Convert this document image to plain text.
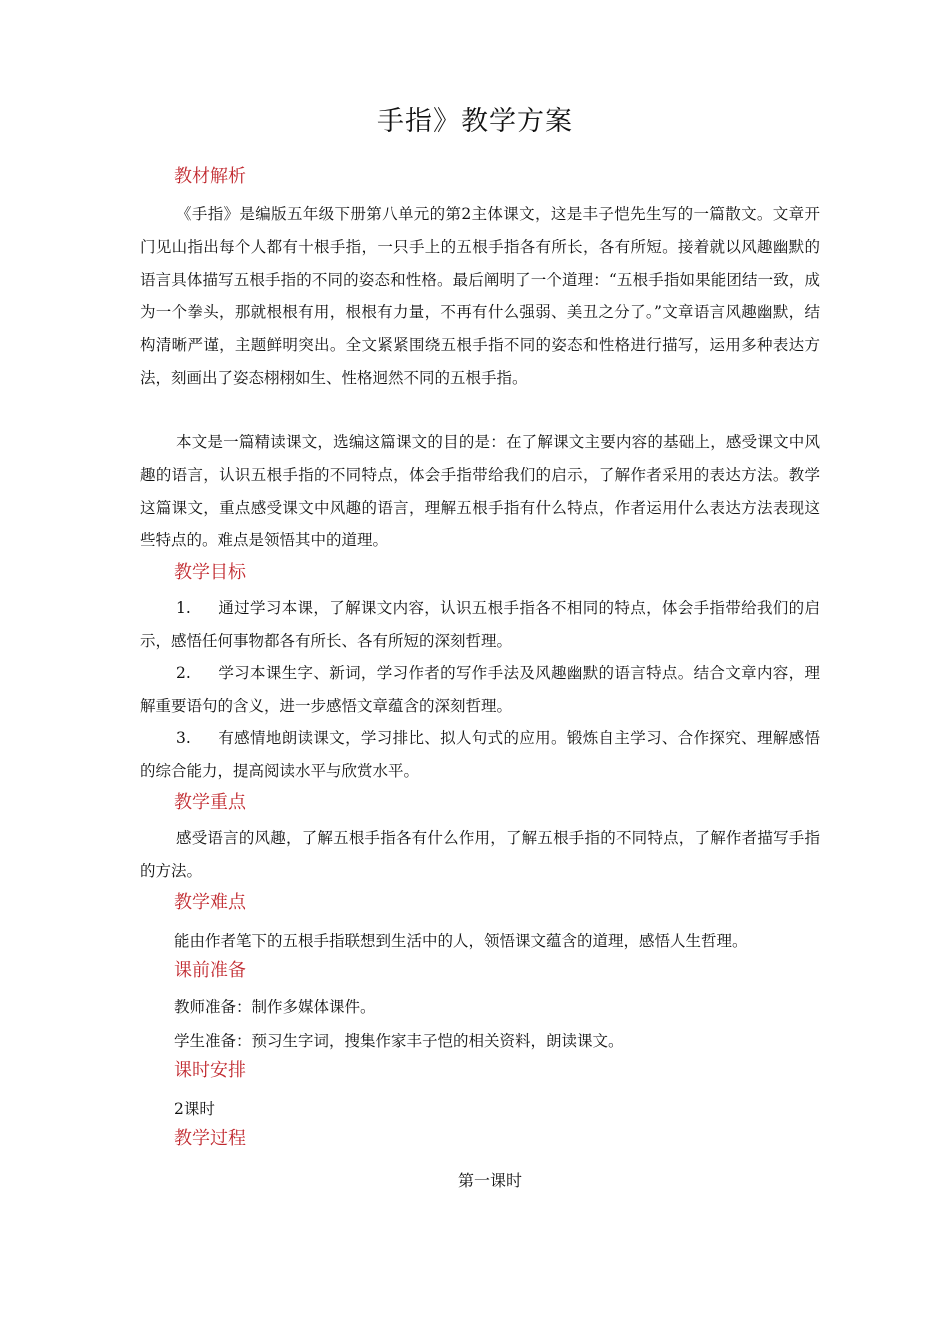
手指》教学方案
教材解析

《手指》是编版五年级下册第八单元的第2主体课文，这是丰子恺先生写的一篇散文。文章开门见山指出每个人都有十根手指，一只手上的五根手指各有所长，各有所短。接着就以风趣幽默的语言具体描写五根手指的不同的姿态和性格。最后阐明了一个道理：“五根手指如果能团结一致，成为一个拳头，那就根根有用，根根有力量，不再有什么强弱、美丑之分了。”文章语言风趣幽默，结构清晰严谨，主题鲜明突出。全文紧紧围绕五根手指不同的姿态和性格进行描写，运用多种表达方法，刻画出了姿态栩栩如生、性格迥然不同的五根手指。

本文是一篇精读课文，选编这篇课文的目的是：在了解课文主要内容的基础上，感受课文中风趣的语言，认识五根手指的不同特点，体会手指带给我们的启示，了解作者采用的表达方法。教学这篇课文，重点感受课文中风趣的语言，理解五根手指有什么特点，作者运用什么表达方法表现这些特点的。难点是领悟其中的道理。

教学目标

1. 通过学习本课，了解课文内容，认识五根手指各不相同的特点，体会手指带给我们的启示，感悟任何事物都各有所长、各有所短的深刻哲理。

2. 学习本课生字、新词，学习作者的写作手法及风趣幽默的语言特点。结合文章内容，理解重要语句的含义，进一步感悟文章蕴含的深刻哲理。

3. 有感情地朗读课文，学习排比、拟人句式的应用。锻炼自主学习、合作探究、理解感悟的综合能力，提高阅读水平与欣赏水平。

教学重点

感受语言的风趣，了解五根手指各有什么作用，了解五根手指的不同特点，了解作者描写手指的方法。

教学难点
能由作者笔下的五根手指联想到生活中的人，领悟课文蕴含的道理，感悟人生哲理。
课前准备
教师准备：制作多媒体课件。
学生准备：预习生字词，搜集作家丰子恺的相关资料，朗读课文。
课时安排
2课时
教学过程
第一课时
